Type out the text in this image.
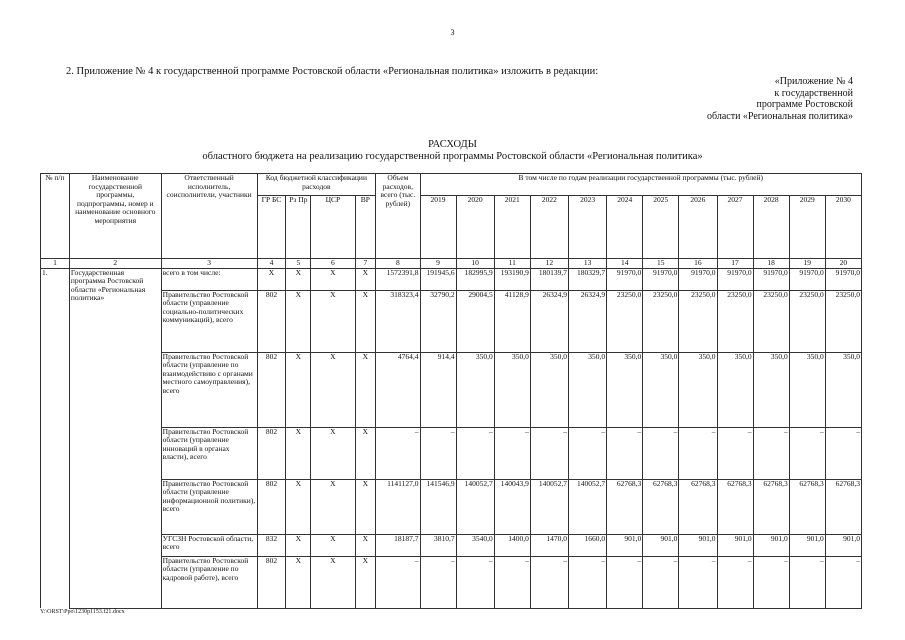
3
2. Приложение № 4 к государственной программе Ростовской области «Региональная политика» изложить в редакции:
«Приложение № 4
к государственной
программе Ростовской
области «Региональная политика»
РАСХОДЫ
областного бюджета на реализацию государственной программы Ростовской области «Региональная политика»
№ п/п	Наименование государственной программы, подпрограммы, номер и наименование основного мероприятия	Ответственный исполнитель, соисполнители, участники	Код бюджетной классификации расходов				Объем расходов, всего (тыс. рублей)	В том числе по годам реализации государственной программы (тыс. рублей)											
			ГР БС	Рз Пр	ЦСР	ВР		2019	2020	2021	2022	2023	2024	2025	2026	2027	2028	2029	2030
1	2	3	4	5	6	7	8	9	10	11	12	13	14	15	16	17	18	19	20
1.	Государственная программа Ростовской области «Региональная политика»	всего в том числе:	Х	Х	Х	Х	1572391,8	191945,6	182995,9	193190,9	180139,7	180329,7	91970,0	91970,0	91970,0	91970,0	91970,0	91970,0	91970,0
		Правительство Ростовской области (управление социально-политических коммуникаций), всего	802	Х	Х	Х	318323,4	32790,2	29004,5	41128,9	26324,9	26324,9	23250,0	23250,0	23250,0	23250,0	23250,0	23250,0	23250,0
		Правительство Ростовской области (управление по взаимодействию с органами местного самоуправления), всего	802	Х	Х	Х	4764,4	914,4	350,0	350,0	350,0	350,0	350,0	350,0	350,0	350,0	350,0	350,0	350,0
		Правительство Ростовской области (управление инноваций в органах власти), всего	802	Х	Х	Х	–	–	–	–	–	–	–	–	–	–	–	–	–
		Правительство Ростовской области (управление информационной политики), всего	802	Х	Х	Х	1141127,0	141546,9	140052,7	140043,9	140052,7	140052,7	62768,3	62768,3	62768,3	62768,3	62768,3	62768,3	62768,3
		УГСЗН Ростовской области, всего	832	Х	Х	Х	18187,7	3810,7	3540,0	1400,0	1470,0	1660,0	901,0	901,0	901,0	901,0	901,0	901,0	901,0
		Правительство Ростовской области (управление по кадровой работе), всего	802	Х	Х	Х	–	–	–	–	–	–	–	–	–	–	–	–	–
Y:\ORST\Ppo\1230p1153.f21.docx
